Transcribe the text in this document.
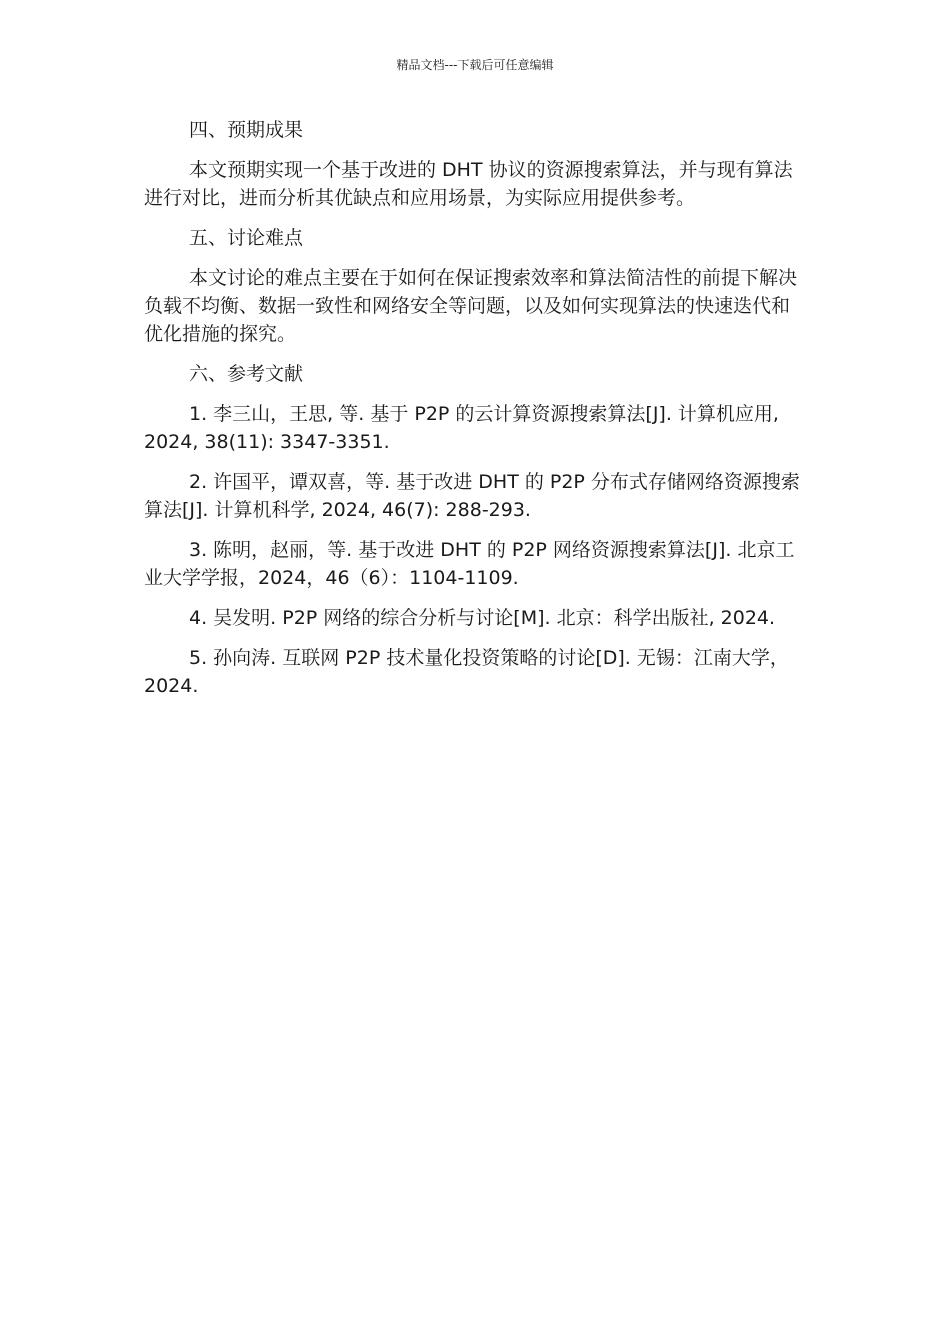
精品文档---下载后可任意编辑

四、预期成果

本文预期实现一个基于改进的 DHT 协议的资源搜索算法，并与现有算法进行对比，进而分析其优缺点和应用场景，为实际应用提供参考。

五、讨论难点

本文讨论的难点主要在于如何在保证搜索效率和算法简洁性的前提下解决负载不均衡、数据一致性和网络安全等问题，以及如何实现算法的快速迭代和优化措施的探究。

六、参考文献

1. 李三山，王思, 等. 基于 P2P 的云计算资源搜索算法[J]. 计算机应用, 2024, 38(11): 3347-3351.

2. 许国平，谭双喜，等. 基于改进 DHT 的 P2P 分布式存储网络资源搜索算法[J]. 计算机科学, 2024, 46(7): 288-293.

3. 陈明，赵丽，等. 基于改进 DHT 的 P2P 网络资源搜索算法[J]. 北京工业大学学报，2024，46（6）：1104-1109.

4. 吴发明. P2P 网络的综合分析与讨论[M]. 北京：科学出版社, 2024.

5. 孙向涛. 互联网 P2P 技术量化投资策略的讨论[D]. 无锡：江南大学，2024.
